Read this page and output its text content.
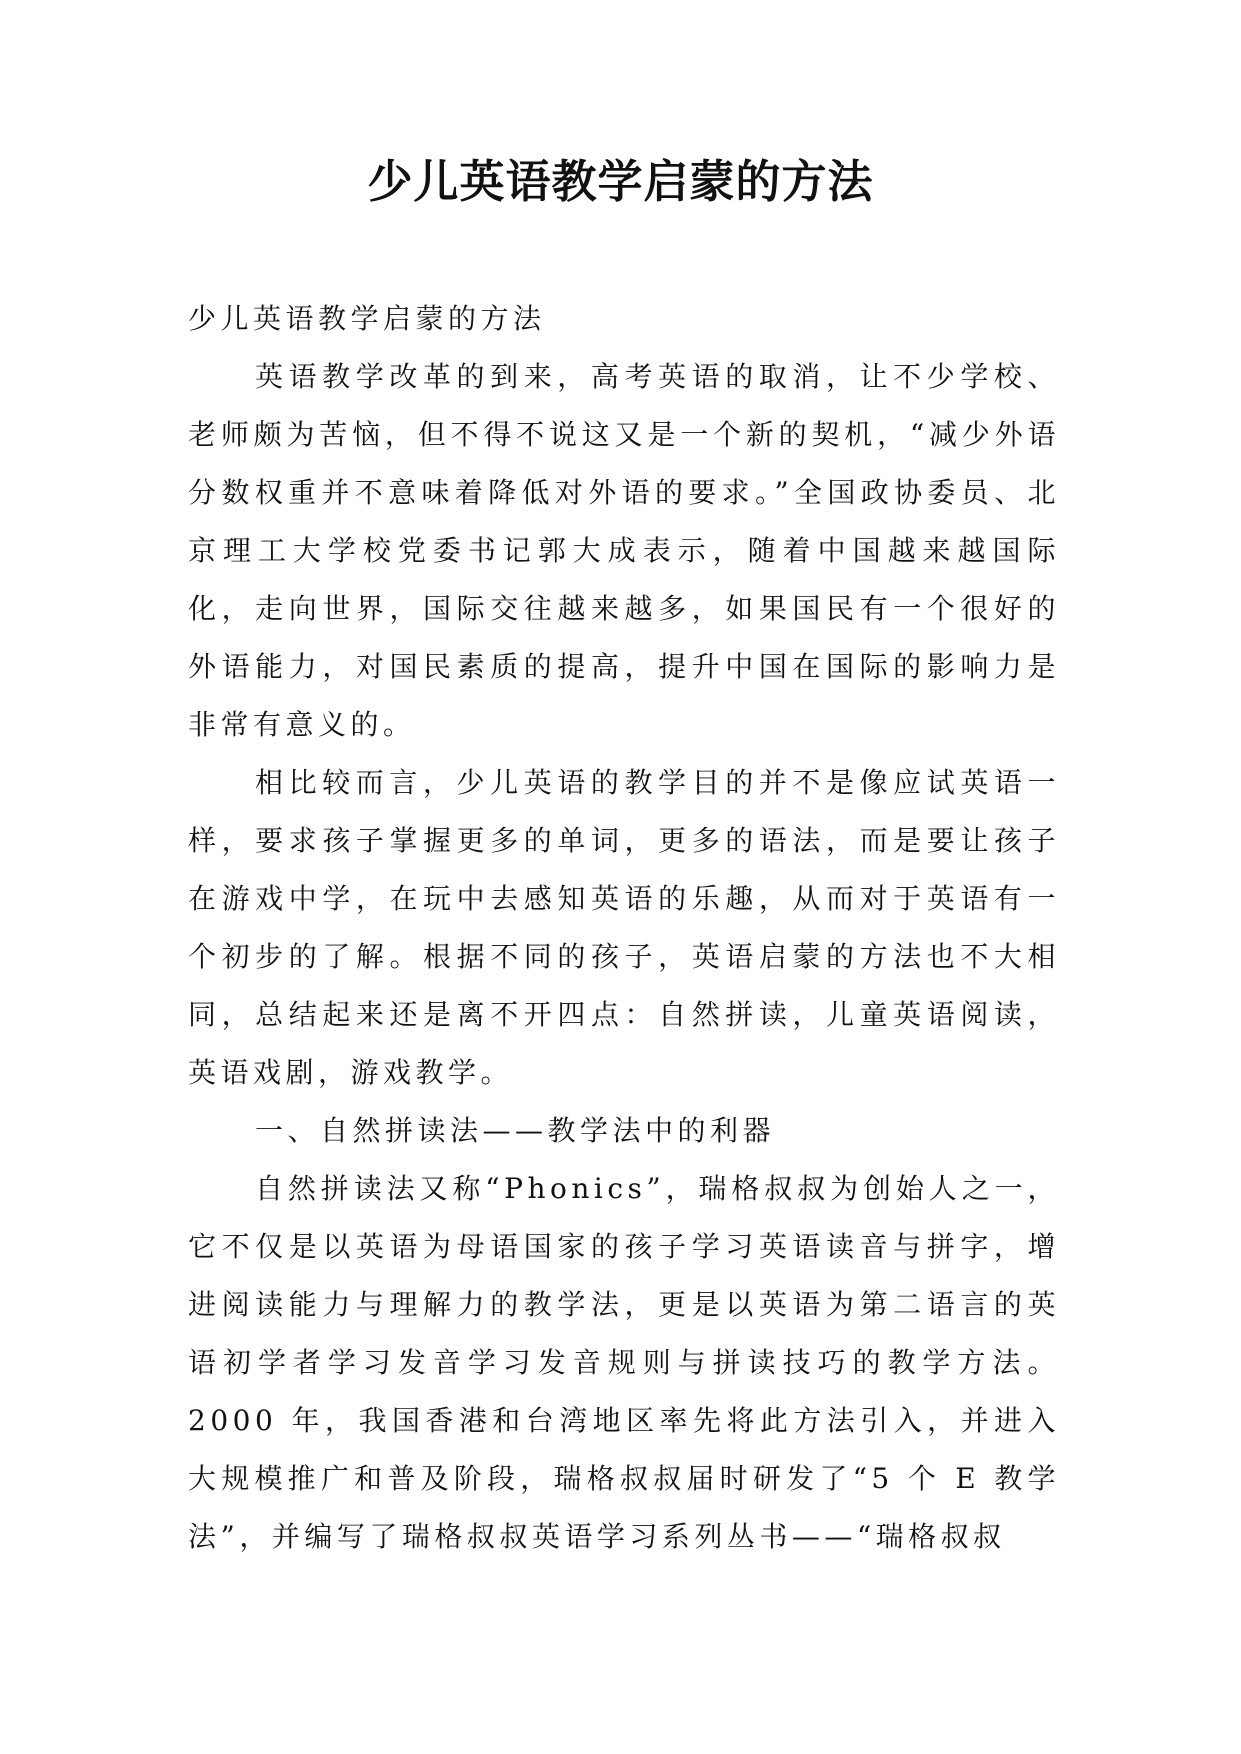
少儿英语教学启蒙的方法

少儿英语教学启蒙的方法

英语教学改革的到来，高考英语的取消，让不少学校、老师颇为苦恼，但不得不说这又是一个新的契机，“减少外语分数权重并不意味着降低对外语的要求。”全国政协委员、北京理工大学校党委书记郭大成表示，随着中国越来越国际化，走向世界，国际交往越来越多，如果国民有一个很好的外语能力，对国民素质的提高，提升中国在国际的影响力是非常有意义的。

相比较而言，少儿英语的教学目的并不是像应试英语一样，要求孩子掌握更多的单词，更多的语法，而是要让孩子在游戏中学，在玩中去感知英语的乐趣，从而对于英语有一个初步的了解。根据不同的孩子，英语启蒙的方法也不大相同，总结起来还是离不开四点：自然拼读，儿童英语阅读，英语戏剧，游戏教学。

一、自然拼读法——教学法中的利器

自然拼读法又称“Phonics”，瑞格叔叔为创始人之一，它不仅是以英语为母语国家的孩子学习英语读音与拼字，增进阅读能力与理解力的教学法，更是以英语为第二语言的英语初学者学习发音学习发音规则与拼读技巧的教学方法。2000 年，我国香港和台湾地区率先将此方法引入，并进入大规模推广和普及阶段，瑞格叔叔届时研发了“5 个 E 教学法”，并编写了瑞格叔叔英语学习系列丛书——“瑞格叔叔
